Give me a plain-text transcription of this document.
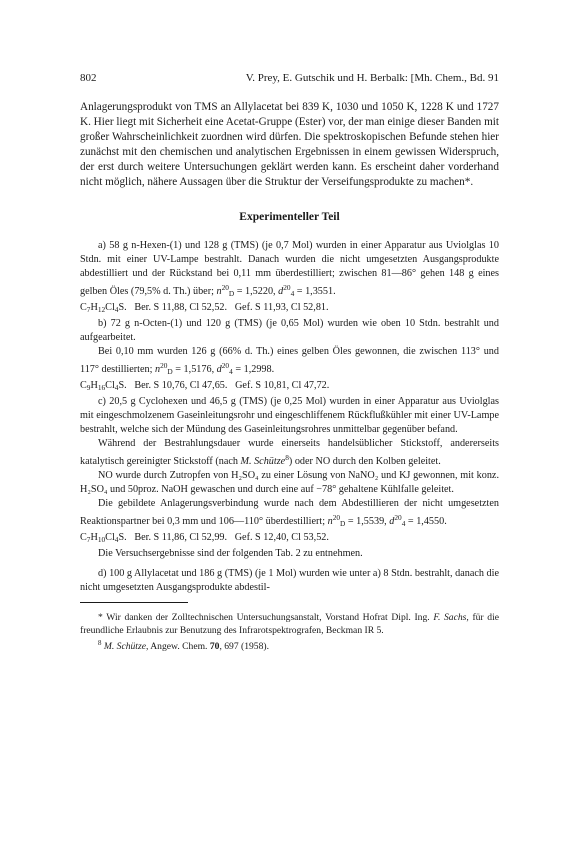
802	V. Prey, E. Gutschik und H. Berbalk: [Mh. Chem., Bd. 91

Anlagerungsprodukt von TMS an Allylacetat bei 839 K, 1030 und 1050 K, 1228 K und 1727 K. Hier liegt mit Sicherheit eine Acetat-Gruppe (Ester) vor, der man einige dieser Banden mit großer Wahrscheinlichkeit zuordnen wird dürfen. Die spektroskopischen Befunde stehen hier zunächst mit den chemischen und analytischen Ergebnissen in einem gewissen Widerspruch, der erst durch weitere Untersuchungen geklärt werden kann. Es erscheint daher vorderhand nicht möglich, nähere Aussagen über die Struktur der Verseifungsprodukte zu machen*.

Experimenteller Teil

a) 58 g n-Hexen-(1) und 128 g (TMS) (je 0,7 Mol) wurden in einer Apparatur aus Uviolglas 10 Stdn. mit einer UV-Lampe bestrahlt. Danach wurden die nicht umgesetzten Ausgangsprodukte abdestilliert und der Rückstand bei 0,11 mm überdestilliert; zwischen 81—86° gehen 148 g eines gelben Öles (79,5% d. Th.) über; $n^{20}_D = 1,5220$, $d^{20}_4 = 1,3551$.

$C_7H_{12}Cl_4S$.   Ber. S 11,88, Cl 52,52.   Gef. S 11,93, Cl 52,81.

b) 72 g n-Octen-(1) und 120 g (TMS) (je 0,65 Mol) wurden wie oben 10 Stdn. bestrahlt und aufgearbeitet.

Bei 0,10 mm wurden 126 g (66% d. Th.) eines gelben Öles gewonnen, die zwischen 113° und 117° destillierten; $n^{20}_D = 1,5176$, $d^{20}_4 = 1,2998$.

$C_9H_{16}Cl_4S$.   Ber. S 10,76, Cl 47,65.   Gef. S 10,81, Cl 47,72.

c) 20,5 g Cyclohexen und 46,5 g (TMS) (je 0,25 Mol) wurden in einer Apparatur aus Uviolglas mit eingeschmolzenem Gaseinleitungsrohr und eingeschliffenem Rückflußkühler mit einer UV-Lampe bestrahlt, welche sich der Mündung des Gaseinleitungsrohres unmittelbar gegenüber befand.

Während der Bestrahlungsdauer wurde einerseits handelsüblicher Stickstoff, andererseits katalytisch gereinigter Stickstoff (nach M. Schütze$^8$) oder NO durch den Kolben geleitet.

NO wurde durch Zutropfen von H₂SO₄ zu einer Lösung von NaNO₂ und KJ gewonnen, mit konz. H₂SO₄ und 50proz. NaOH gewaschen und durch eine auf −78° gehaltene Kühlfalle geleitet.

Die gebildete Anlagerungsverbindung wurde nach dem Abdestillieren der nicht umgesetzten Reaktionspartner bei 0,3 mm und 106—110° überdestilliert; $n^{20}_D = 1,5539$, $d^{20}_4 = 1,4550$.

$C_7H_{10}Cl_4S$.   Ber. S 11,86, Cl 52,99.   Gef. S 12,40, Cl 53,52.

Die Versuchsergebnisse sind der folgenden Tab. 2 zu entnehmen.

d) 100 g Allylacetat und 186 g (TMS) (je 1 Mol) wurden wie unter a) 8 Stdn. bestrahlt, danach die nicht umgesetzten Ausgangsprodukte abdestil-

* Wir danken der Zolltechnischen Untersuchungsanstalt, Vorstand Hofrat Dipl. Ing. F. Sachs, für die freundliche Erlaubnis zur Benutzung des Infrarotspektrografen, Beckman IR 5.

$^8$ M. Schütze, Angew. Chem. 70, 697 (1958).
